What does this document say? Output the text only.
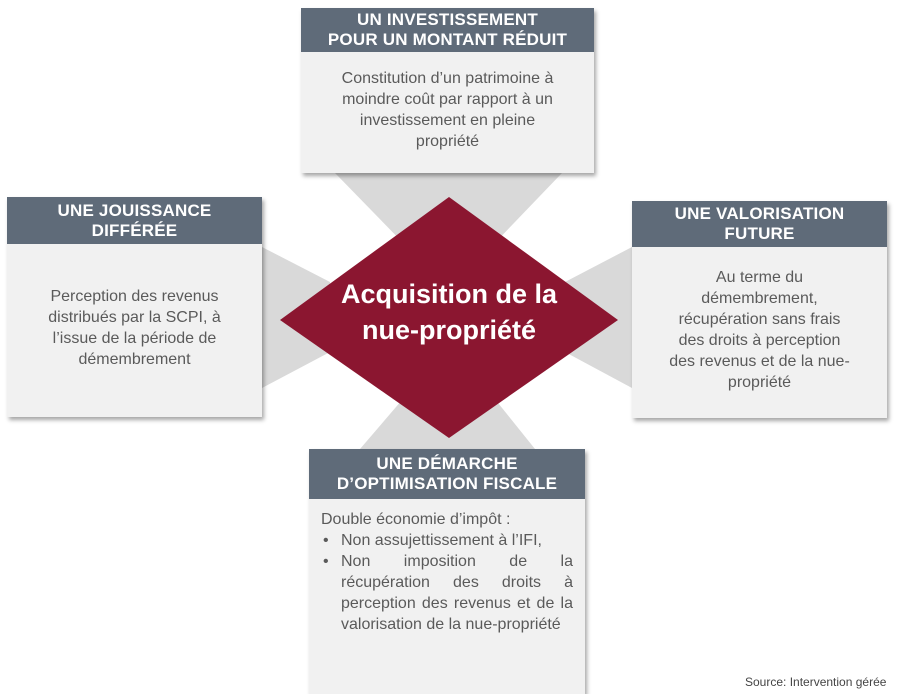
Acquisition de la
nue-propriété
UN INVESTISSEMENT
POUR UN MONTANT RÉDUIT
Constitution d’un patrimoine à
moindre coût par rapport à un
investissement en pleine
propriété
UNE JOUISSANCE
DIFFÉRÉE
Perception des revenus
distribués par la SCPI, à
l’issue de la période de
démembrement
UNE VALORISATION
FUTURE
Au terme du
démembrement,
récupération sans frais
des droits à perception
des revenus et de la nue-
propriété
UNE DÉMARCHE
D’OPTIMISATION FISCALE
Double économie d’impôt :
• Non assujettissement à l’IFI,
• Non imposition de la récupération des droits à perception des revenus et de la valorisation de la nue-propriété
Source: Intervention gérée
